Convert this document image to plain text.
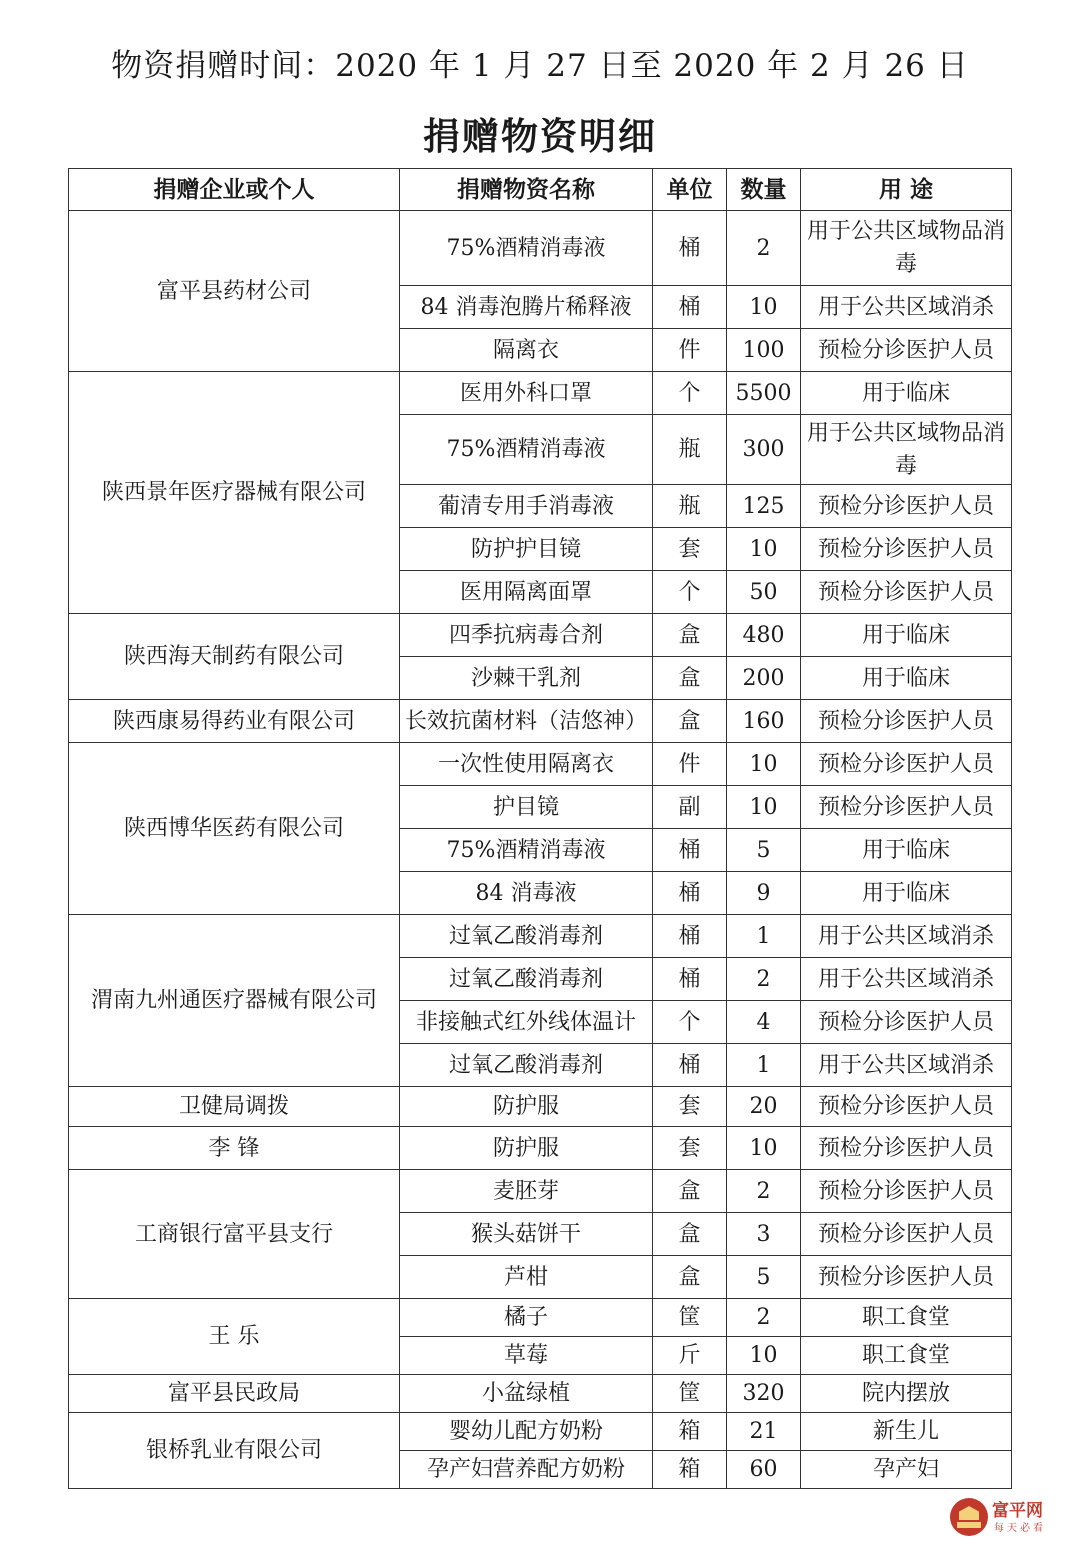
物资捐赠时间：2020 年 1 月 27 日至 2020 年 2 月 26 日
捐赠物资明细
捐赠企业或个人	捐赠物资名称	单位	数量	用 途
富平县药材公司	75%酒精消毒液	桶	2	用于公共区域物品消毒
	84 消毒泡腾片稀释液	桶	10	用于公共区域消杀
	隔离衣	件	100	预检分诊医护人员
陕西景年医疗器械有限公司	医用外科口罩	个	5500	用于临床
	75%酒精消毒液	瓶	300	用于公共区域物品消毒
	葡清专用手消毒液	瓶	125	预检分诊医护人员
	防护护目镜	套	10	预检分诊医护人员
	医用隔离面罩	个	50	预检分诊医护人员
陕西海天制药有限公司	四季抗病毒合剂	盒	480	用于临床
	沙棘干乳剂	盒	200	用于临床
陕西康易得药业有限公司	长效抗菌材料（洁悠神）	盒	160	预检分诊医护人员
陕西博华医药有限公司	一次性使用隔离衣	件	10	预检分诊医护人员
	护目镜	副	10	预检分诊医护人员
	75%酒精消毒液	桶	5	用于临床
	84 消毒液	桶	9	用于临床
渭南九州通医疗器械有限公司	过氧乙酸消毒剂	桶	1	用于公共区域消杀
	过氧乙酸消毒剂	桶	2	用于公共区域消杀
	非接触式红外线体温计	个	4	预检分诊医护人员
	过氧乙酸消毒剂	桶	1	用于公共区域消杀
卫健局调拨	防护服	套	20	预检分诊医护人员
李 锋	防护服	套	10	预检分诊医护人员
工商银行富平县支行	麦胚芽	盒	2	预检分诊医护人员
	猴头菇饼干	盒	3	预检分诊医护人员
	芦柑	盒	5	预检分诊医护人员
王 乐	橘子	筐	2	职工食堂
	草莓	斤	10	职工食堂
富平县民政局	小盆绿植	筐	320	院内摆放
银桥乳业有限公司	婴幼儿配方奶粉	箱	21	新生儿
	孕产妇营养配方奶粉	箱	60	孕产妇
富平网
每天必看
